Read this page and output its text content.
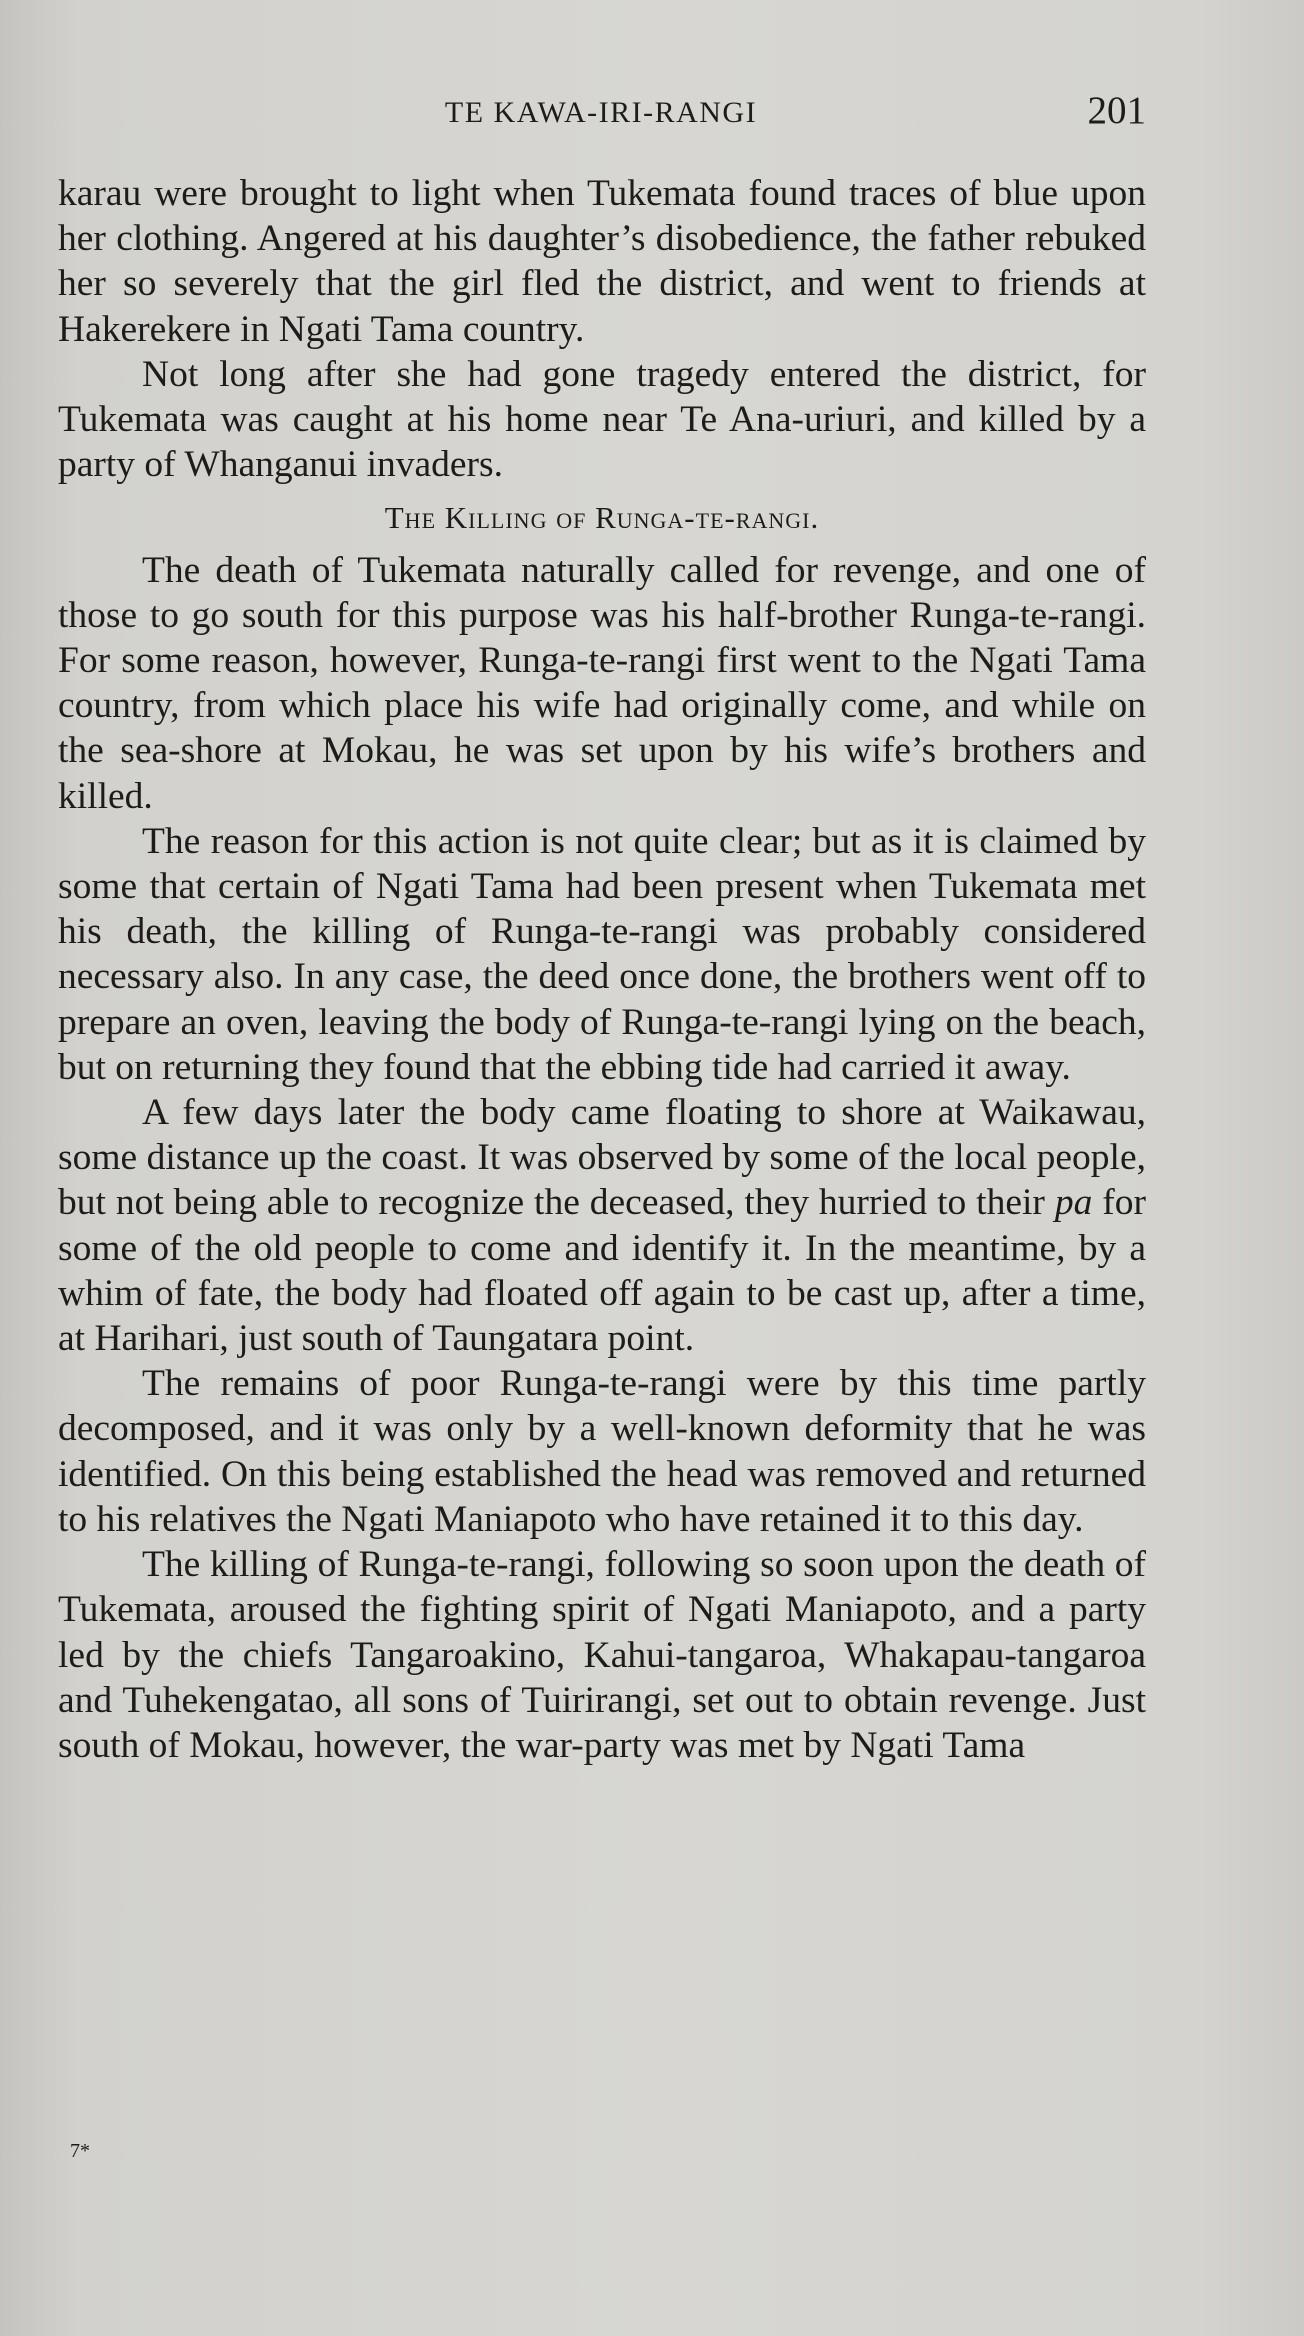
TE KAWA-IRI-RANGI	201

karau were brought to light when Tukemata found traces of blue upon her clothing. Angered at his daughter’s disobedience, the father rebuked her so severely that the girl fled the district, and went to friends at Hakerekere in Ngati Tama country.

Not long after she had gone tragedy entered the district, for Tukemata was caught at his home near Te Ana-uriuri, and killed by a party of Whanganui invaders.

The Killing of Runga-te-rangi.

The death of Tukemata naturally called for revenge, and one of those to go south for this purpose was his half-brother Runga-te-rangi. For some reason, however, Runga-te-rangi first went to the Ngati Tama country, from which place his wife had originally come, and while on the sea-shore at Mokau, he was set upon by his wife’s brothers and killed.

The reason for this action is not quite clear; but as it is claimed by some that certain of Ngati Tama had been present when Tukemata met his death, the killing of Runga-te-rangi was probably considered necessary also. In any case, the deed once done, the brothers went off to prepare an oven, leaving the body of Runga-te-rangi lying on the beach, but on returning they found that the ebbing tide had carried it away.

A few days later the body came floating to shore at Waikawau, some distance up the coast. It was observed by some of the local people, but not being able to recognize the deceased, they hurried to their pa for some of the old people to come and identify it. In the meantime, by a whim of fate, the body had floated off again to be cast up, after a time, at Harihari, just south of Taungatara point.

The remains of poor Runga-te-rangi were by this time partly decomposed, and it was only by a well-known deformity that he was identified. On this being established the head was removed and returned to his relatives the Ngati Maniapoto who have retained it to this day.

The killing of Runga-te-rangi, following so soon upon the death of Tukemata, aroused the fighting spirit of Ngati Maniapoto, and a party led by the chiefs Tangaroakino, Kahui-tangaroa, Whakapau-tangaroa and Tuhekengatao, all sons of Tuirirangi, set out to obtain revenge. Just south of Mokau, however, the war-party was met by Ngati Tama

7*
